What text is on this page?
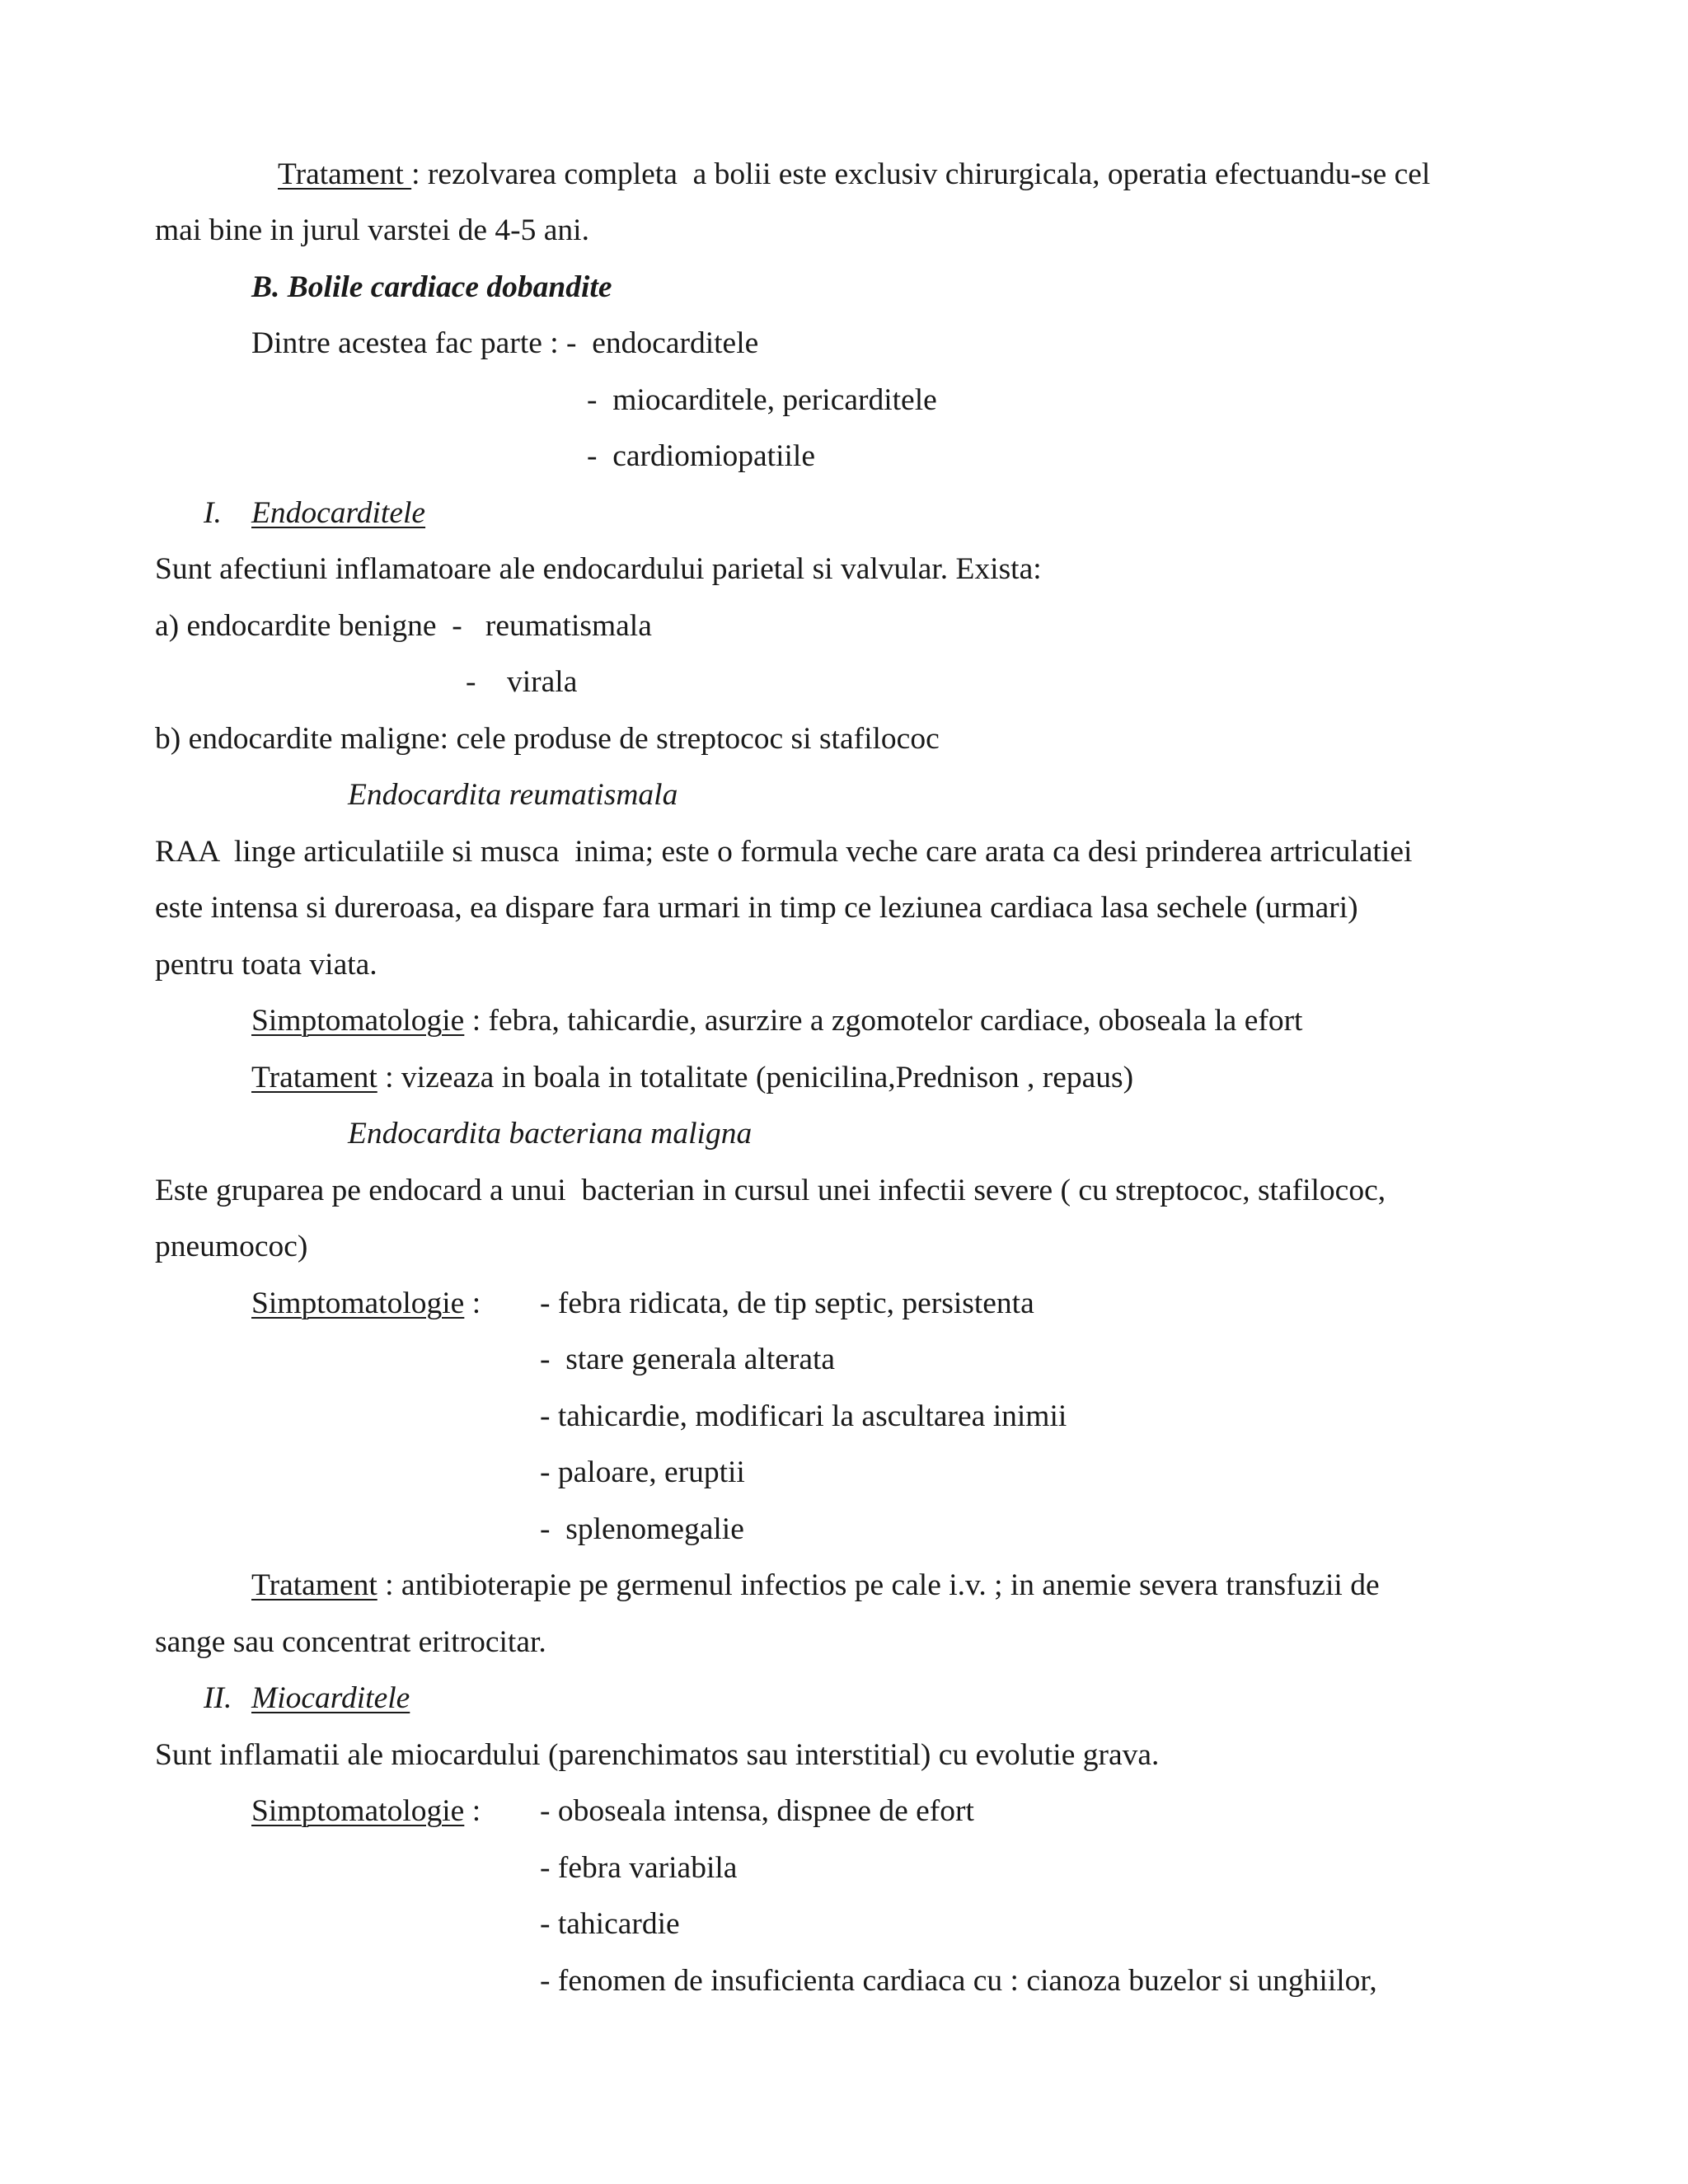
Tratament : rezolvarea completa  a bolii este exclusiv chirurgicala, operatia efectuandu-se cel
mai bine in jurul varstei de 4-5 ani.
B. Bolile cardiace dobandite
Dintre acestea fac parte : -  endocarditele
-  miocarditele, pericarditele
-  cardiomiopatiile
I. Endocarditele
Sunt afectiuni inflamatoare ale endocardului parietal si valvular. Exista:
a) endocardite benigne  -   reumatismala
-    virala
b) endocardite maligne: cele produse de streptococ si stafilococ
Endocardita reumatismala
RAA  linge articulatiile si musca  inima; este o formula veche care arata ca desi prinderea artriculatiei
este intensa si dureroasa, ea dispare fara urmari in timp ce leziunea cardiaca lasa sechele (urmari)
pentru toata viata.
Simptomatologie : febra, tahicardie, asurzire a zgomotelor cardiace, oboseala la efort
Tratament : vizeaza in boala in totalitate (penicilina,Prednison , repaus)
Endocardita bacteriana maligna
Este gruparea pe endocard a unui  bacterian in cursul unei infectii severe ( cu streptococ, stafilococ,
pneumococ)
Simptomatologie : - febra ridicata, de tip septic, persistenta
-  stare generala alterata
- tahicardie, modificari la ascultarea inimii
- paloare, eruptii
-  splenomegalie
Tratament : antibioterapie pe germenul infectios pe cale i.v. ; in anemie severa transfuzii de
sange sau concentrat eritrocitar.
II. Miocarditele
Sunt inflamatii ale miocardului (parenchimatos sau interstitial) cu evolutie grava.
Simptomatologie : - oboseala intensa, dispnee de efort
- febra variabila
- tahicardie
- fenomen de insuficienta cardiaca cu : cianoza buzelor si unghiilor,
